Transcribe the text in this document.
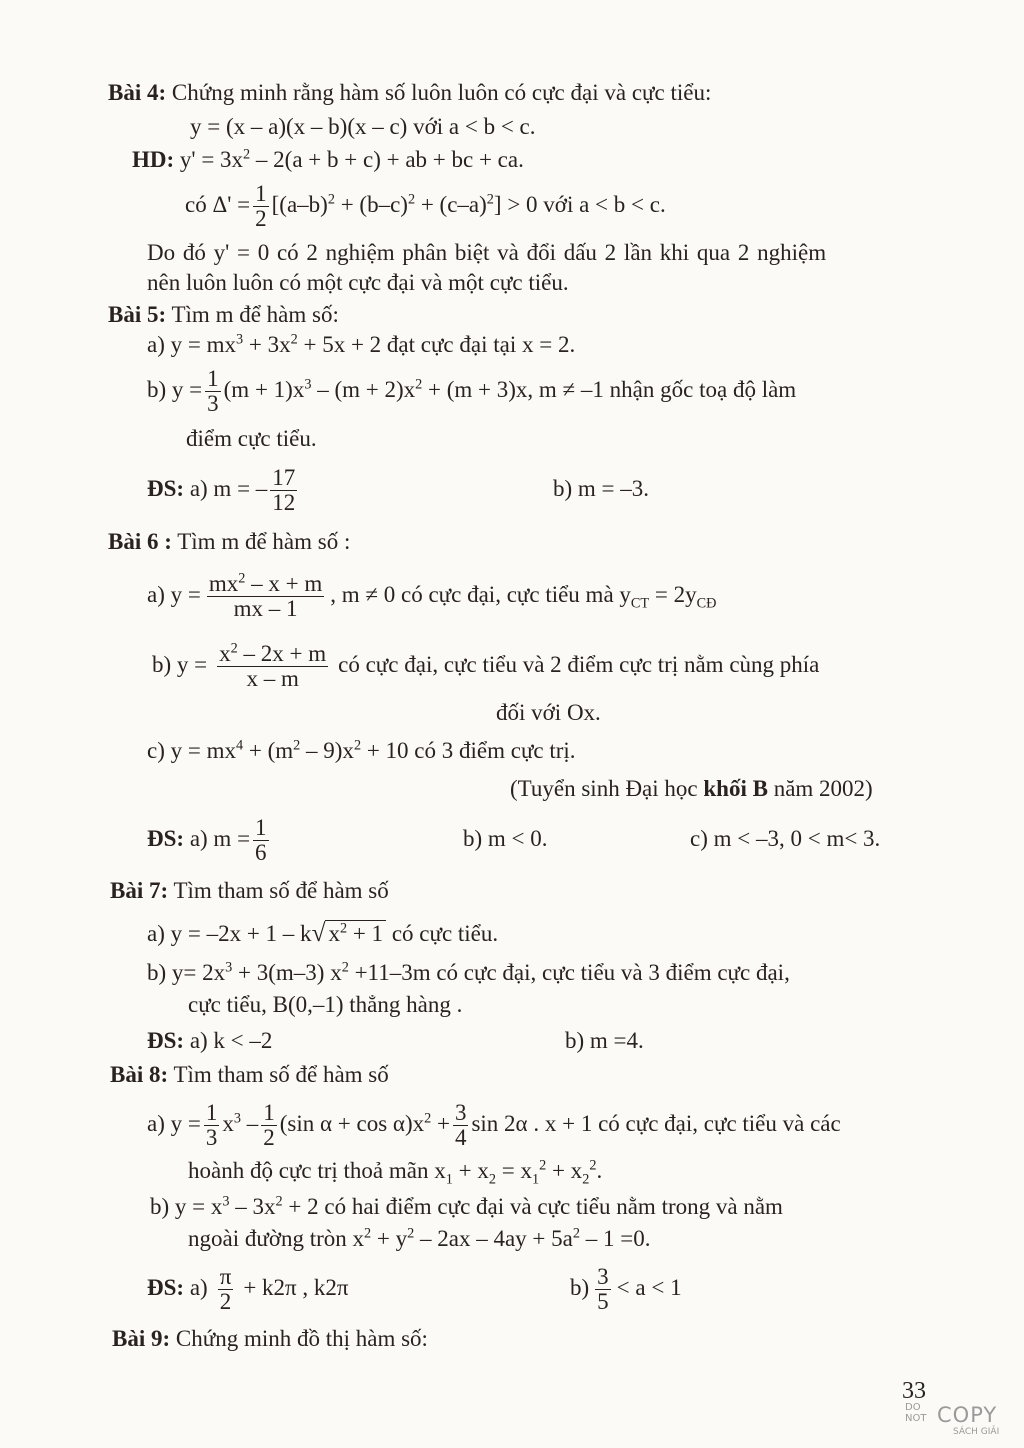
Bài 4: Chứng minh rằng hàm số luôn luôn có cực đại và cực tiểu:
y = (x – a)(x – b)(x – c) với a < b < c.
HD: $y' = 3x^2 - 2(a + b + c)$ + ab + bc + ca.
có $\Delta' = \frac{1}{2} [(a-b)^2 + (b-c)^2 + (c-a)^2] > 0$ với a < b < c.
Do đó y' = 0 có 2 nghiệm phân biệt và đổi dấu 2 lần khi qua 2 nghiệm
nên luôn luôn có một cực đại và một cực tiểu.
Bài 5: Tìm m để hàm số:
a) $y = mx^3 + 3x^2 + 5x + 2$ đạt cực đại tại x = 2.
b) $y = \frac{1}{3} (m + 1)x^3 - (m + 2)x^2 + (m + 3)x$, m ≠ –1 nhận gốc toạ độ làm
điểm cực tiểu.
ĐS: a) m = – $\frac{17}{12}$	b) m = –3.
Bài 6 : Tìm m để hàm số :
a) $y = \frac{mx^2 - x + m}{mx - 1}$ , m ≠ 0 có cực đại, cực tiểu mà $y_{CT} = 2y_{CĐ}$
b) $y = \frac{x^2 - 2x + m}{x - m}$ có cực đại, cực tiểu và 2 điểm cực trị nằm cùng phía
đối với Ox.
c) $y = mx^4 + (m^2 - 9)x^2 + 10$ có 3 điểm cực trị.
(Tuyển sinh Đại học khối B năm 2002)
ĐS: a) $m = \frac{1}{6}$	b) m < 0.	c) m < –3, 0 < m< 3.
Bài 7: Tìm tham số để hàm số
a) y = –2x + 1 – k√ $x^2 + 1$ có cực tiểu.
b) $y= 2x^3 + 3(m-3)$ $x^2 +11-3m$ có cực đại, cực tiểu và 3 điểm cực đại,
cực tiểu, B(0,–1) thẳng hàng .
ĐS: a) k < –2	b) m =4.
Bài 8: Tìm tham số để hàm số
a) $y = \frac{1}{3} x^3 - \frac{1}{2} (\sin$ $\alpha + \cos \alpha)x^2 + \frac{3}{4}$ sin 2α . x + 1 có cực đại, cực tiểu và các
hoành độ cực trị thoả mãn $x_1 + x_2 = x_1^2 + x_2^2$.
b) $y = x^3 - 3x^2 + 2$ có hai điểm cực đại và cực tiểu nằm trong và nằm
ngoài đường tròn $x^2 + y^2 - 2ax - 4ay + 5a^2 - 1 =0$.
ĐS: $a) \frac{\pi}{2} + k2\pi$ , k2π	$b) \frac{3}{5} < a < 1$
Bài 9: Chứng minh đồ thị hàm số:
33
DO NOT COPY
SÁCH GIẢI
